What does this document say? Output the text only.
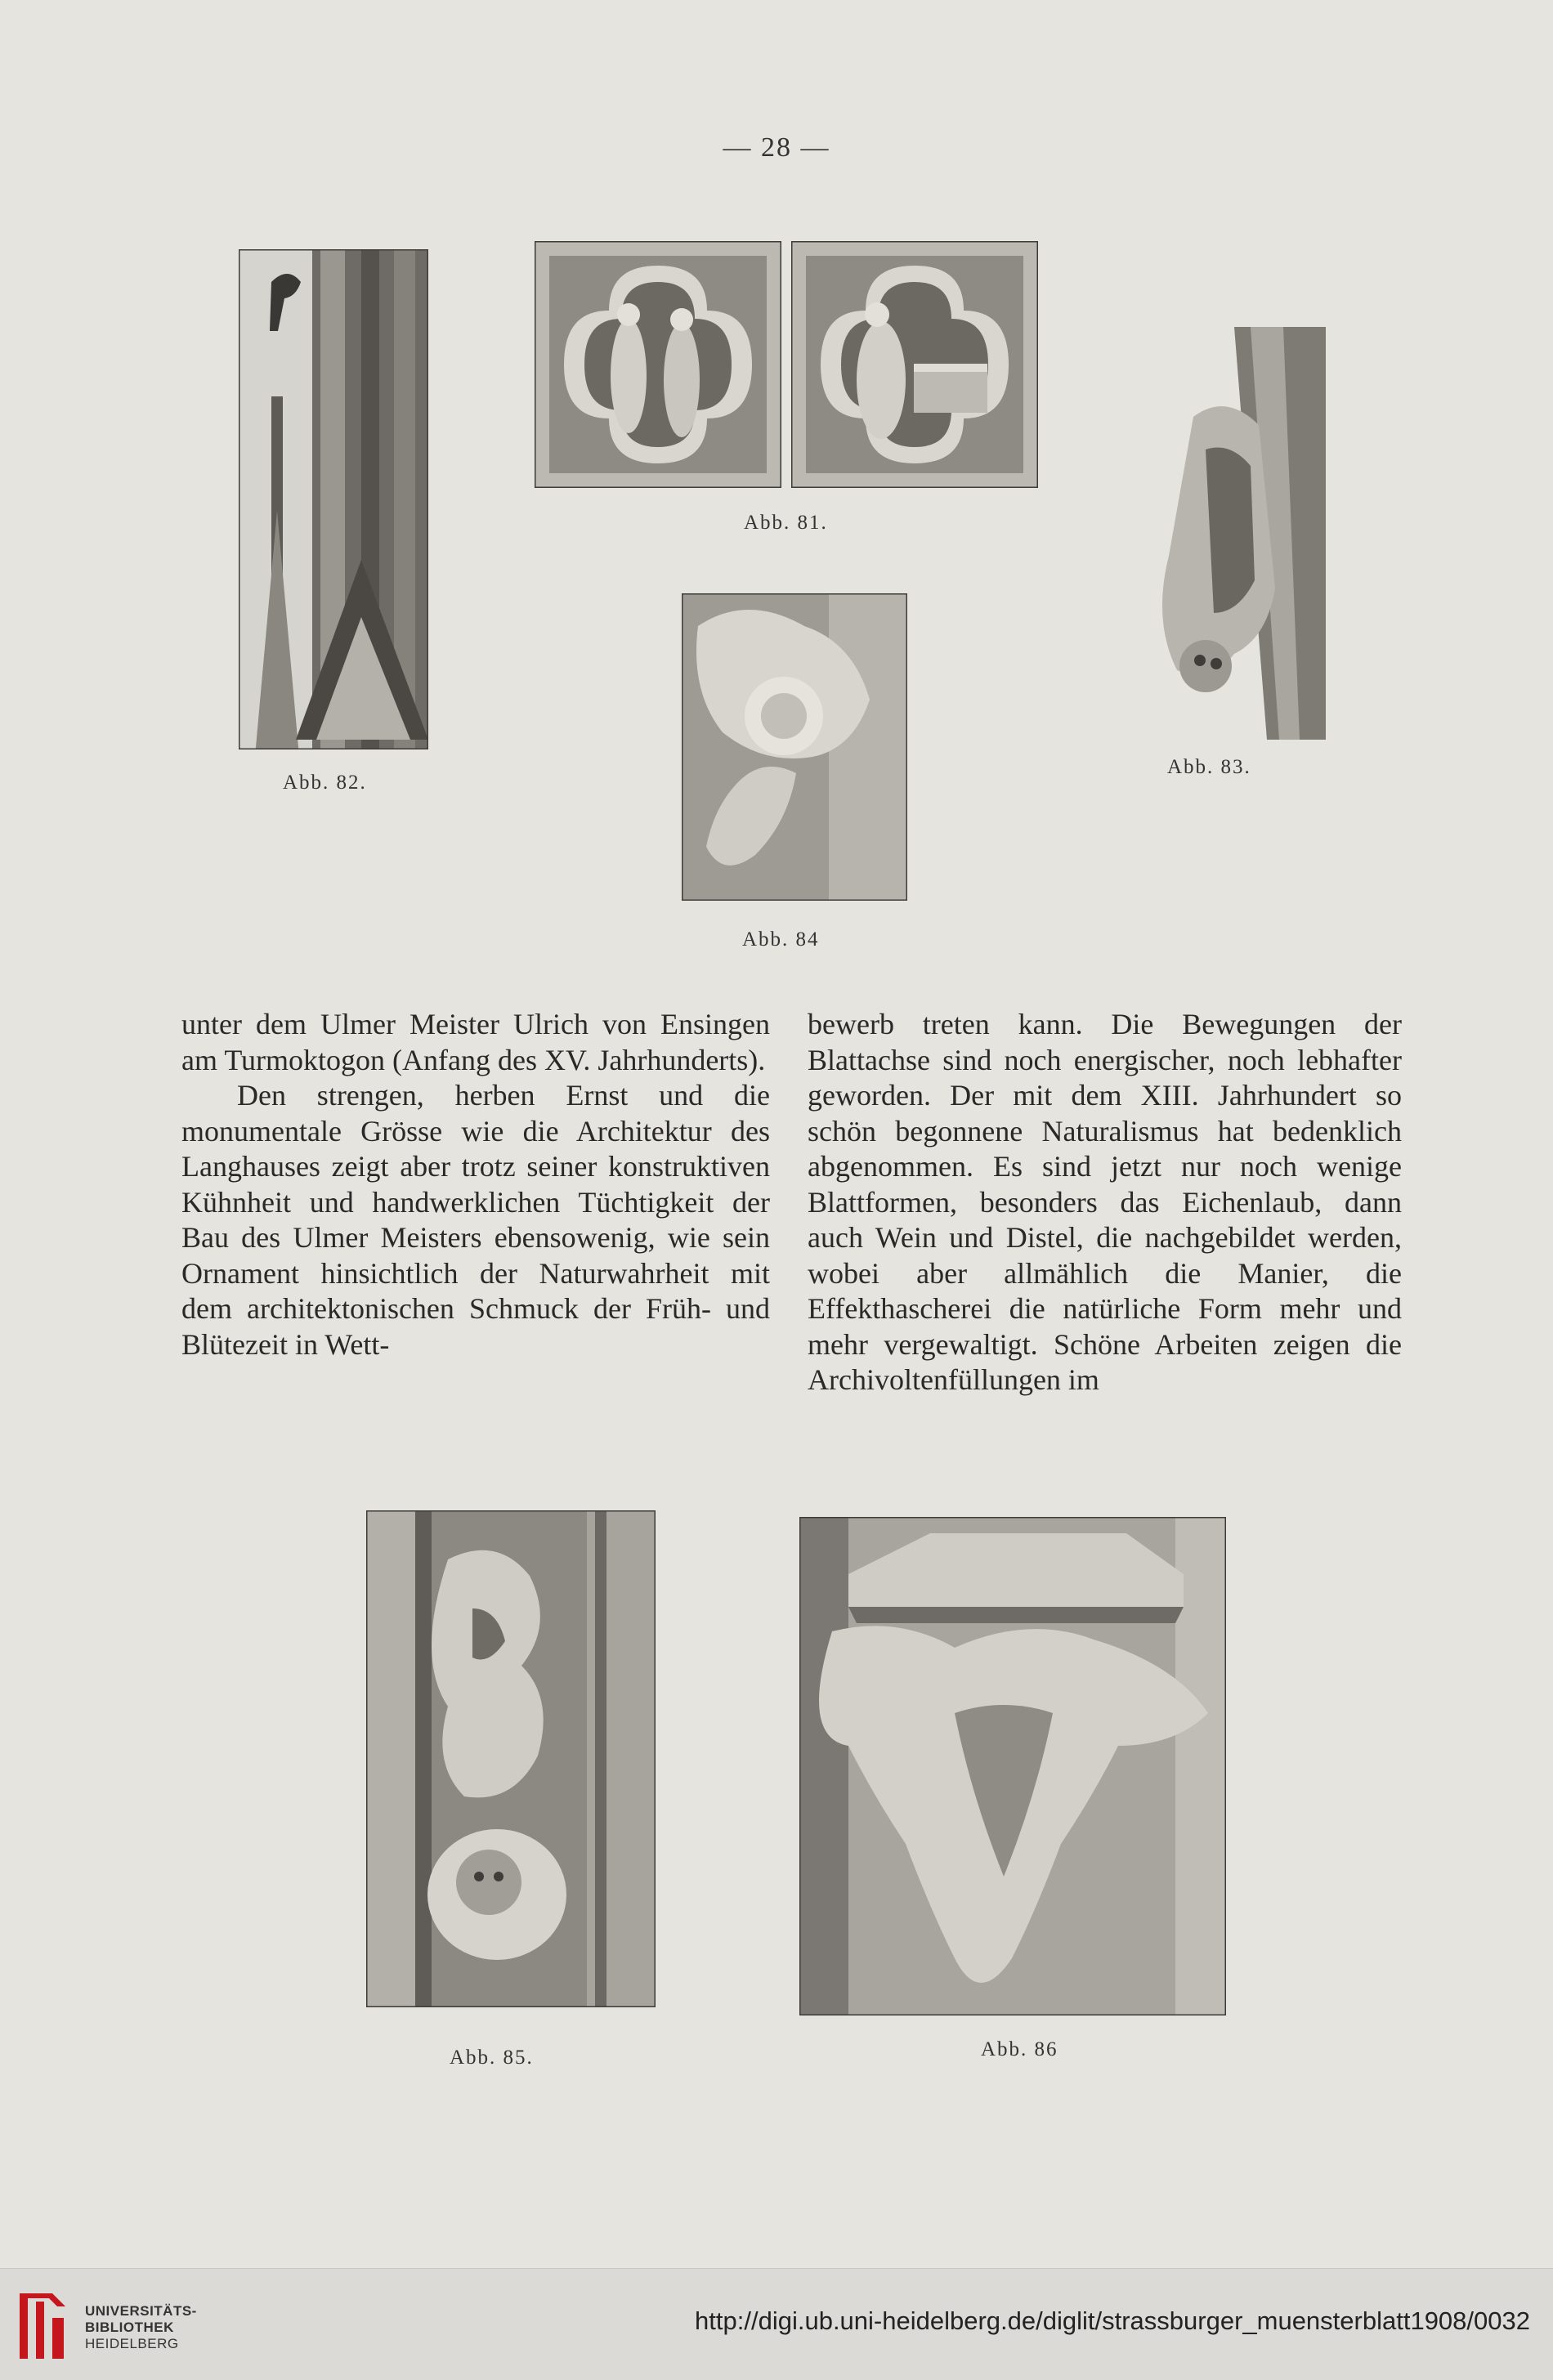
— 28 —
Abb. 81.
Abb. 83.
Abb. 82.
Abb. 84

unter dem Ulmer Meister Ulrich von Ensingen am Turmoktogon (Anfang des XV. Jahrhunderts).

Den strengen, herben Ernst und die monumentale Grösse wie die Architektur des Langhauses zeigt aber trotz seiner konstruktiven Kühnheit und handwerklichen Tüchtigkeit der Bau des Ulmer Meisters ebensowenig, wie sein Ornament hinsichtlich der Naturwahrheit mit dem architektonischen Schmuck der Früh- und Blütezeit in Wett-

bewerb treten kann. Die Bewegungen der Blattachse sind noch energischer, noch lebhafter geworden. Der mit dem XIII. Jahrhundert so schön begonnene Naturalismus hat bedenklich abgenommen. Es sind jetzt nur noch wenige Blattformen, besonders das Eichenlaub, dann auch Wein und Distel, die nachgebildet werden, wobei aber allmählich die Manier, die Effekthascherei die natürliche Form mehr und mehr vergewaltigt. Schöne Arbeiten zeigen die Archivoltenfüllungen im

Abb. 85.	Abb. 86
UNIVERSITÄTS-
BIBLIOTHEK
HEIDELBERG
http://digi.ub.uni-heidelberg.de/diglit/strassburger_muensterblatt1908/0032
